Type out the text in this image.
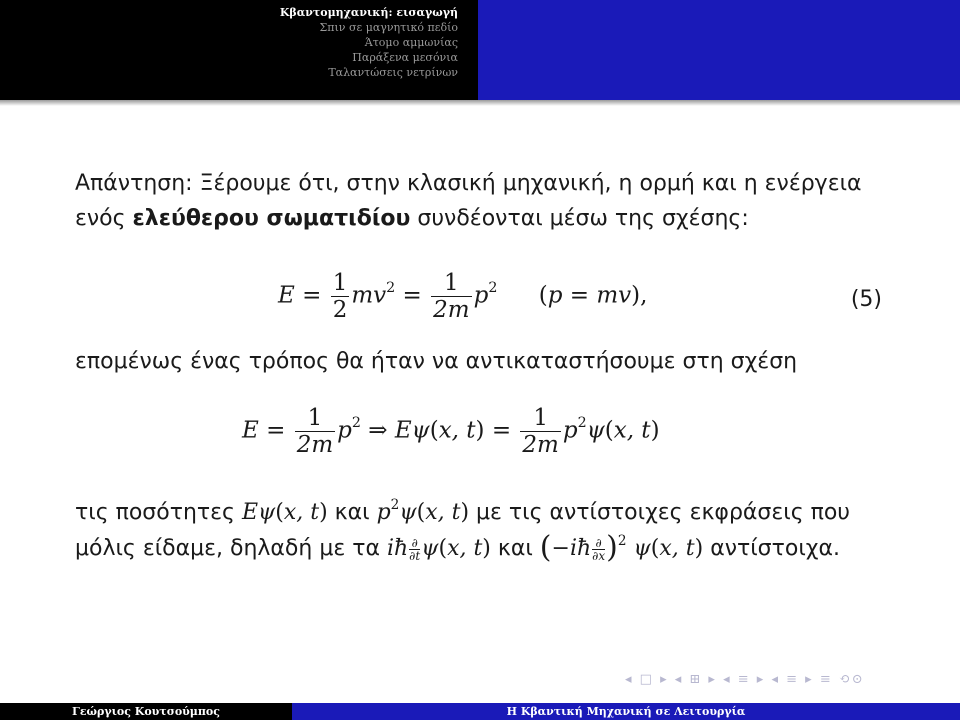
Κβαντομηχανική: εισαγωγή
Σπιν σε μαγνητικό πεδίο
Άτομο αμμωνίας
Παράξενα μεσόνια
Ταλαντώσεις νετρίνων

Απάντηση: Ξέρουμε ότι, στην κλασική μηχανική, η ορμή και η ενέργεια ενός ελεύθερου σωματιδίου συνδέονται μέσω της σχέσης:

$E = \frac{1}{2} mv^2 = \frac{1}{2m} p^2$ (p = mv),	(5)

επομένως ένας τρόπος θα ήταν να αντικαταστήσουμε στη σχέση

$E = \frac{1}{2m} p^2$ ⇒ Eψ(x, $t) = \frac{1}{2m} p^2\psi(x$, t)

τις ποσότητες Eψ(x, t) και $p^2\psi(x$, t) με τις αντίστοιχες εκφράσεις που μόλις είδαμε, δηλαδή με τα iħ ∂
∂t ψ(x, t) και (−iħ ∂
∂x )$^2$ ψ(x, t) αντίστοιχα.

◂ □ ▸ ◂ ⊞ ▸ ◂ ≡ ▸ ◂ ≡ ▸ ≡ ⟲⊙
Γεώργιος Κουτσούμπος	Η Κβαντική Μηχανική σε Λειτουργία
